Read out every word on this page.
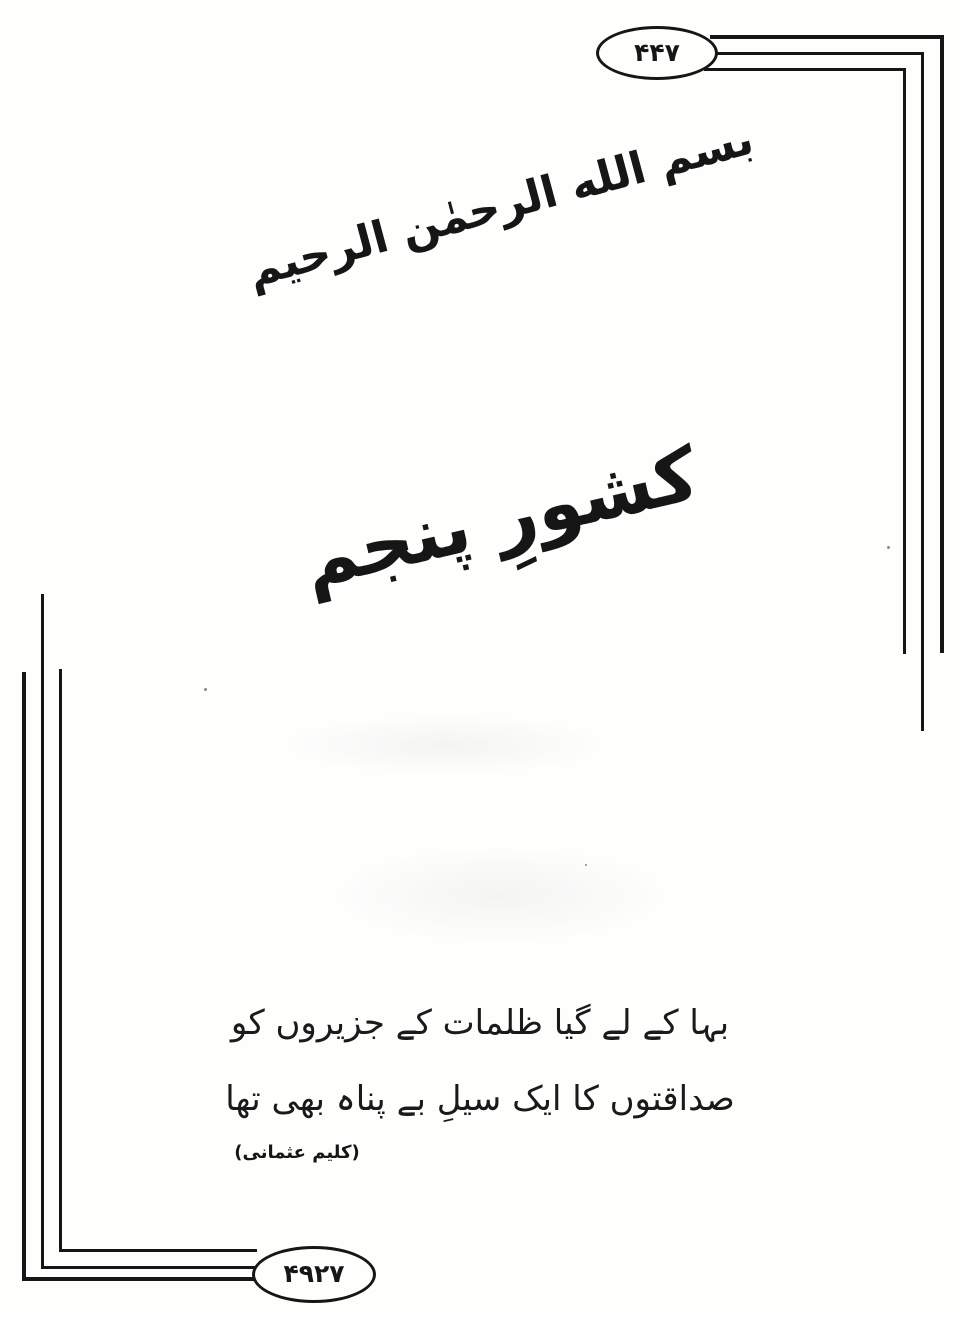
۴۴۷
۴۹۲۷
بسم الله الرحمٰن الرحيم
کشورِ پنجم
بہا کے لے گیا ظلمات کے جزیروں کو
صداقتوں کا ایک سیلِ بے پناہ بھی تھا
(کلیم عثمانی)
